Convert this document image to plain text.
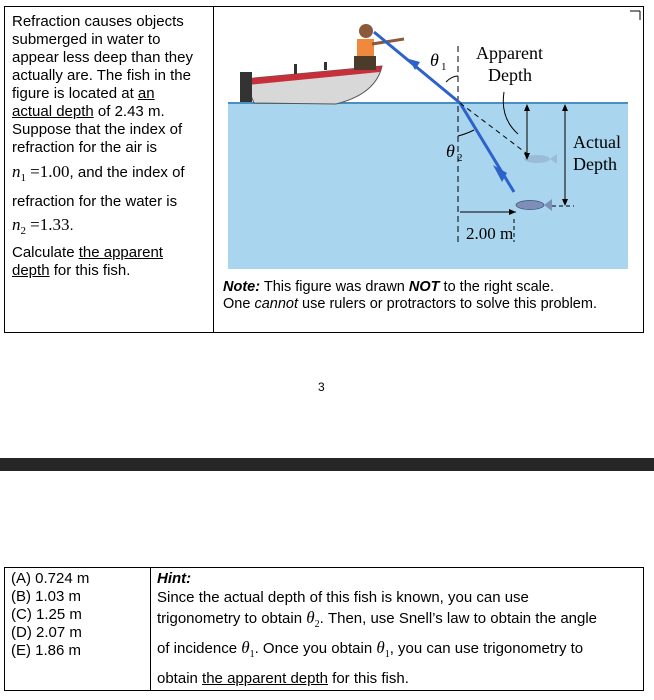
Refraction causes objects
submerged in water to
appear less deep than they
actually are. The fish in the
figure is located at an
actual depth of 2.43 m.
Suppose that the index of
refraction for the air is
$n_1 =1.00$, and the index of
refraction for the water is
$n_2 =1.33$.
Calculate the apparent
depth for this fish.
θ 1
θ 2
Apparent
Depth
Actual
Depth
2.00 m
Note: This figure was drawn NOT to the right scale.
One cannot use rulers or protractors to solve this problem.
3
(A) 0.724 m
(B) 1.03 m
(C) 1.25 m
(D) 2.07 m
(E) 1.86 m
Hint:
Since the actual depth of this fish is known, you can use
trigonometry to obtain $\theta_2$. Then, use Snell’s law to obtain the angle
of incidence $\theta_1$. Once you obtain $\theta_1$, you can use trigonometry to
obtain the apparent depth for this fish.
